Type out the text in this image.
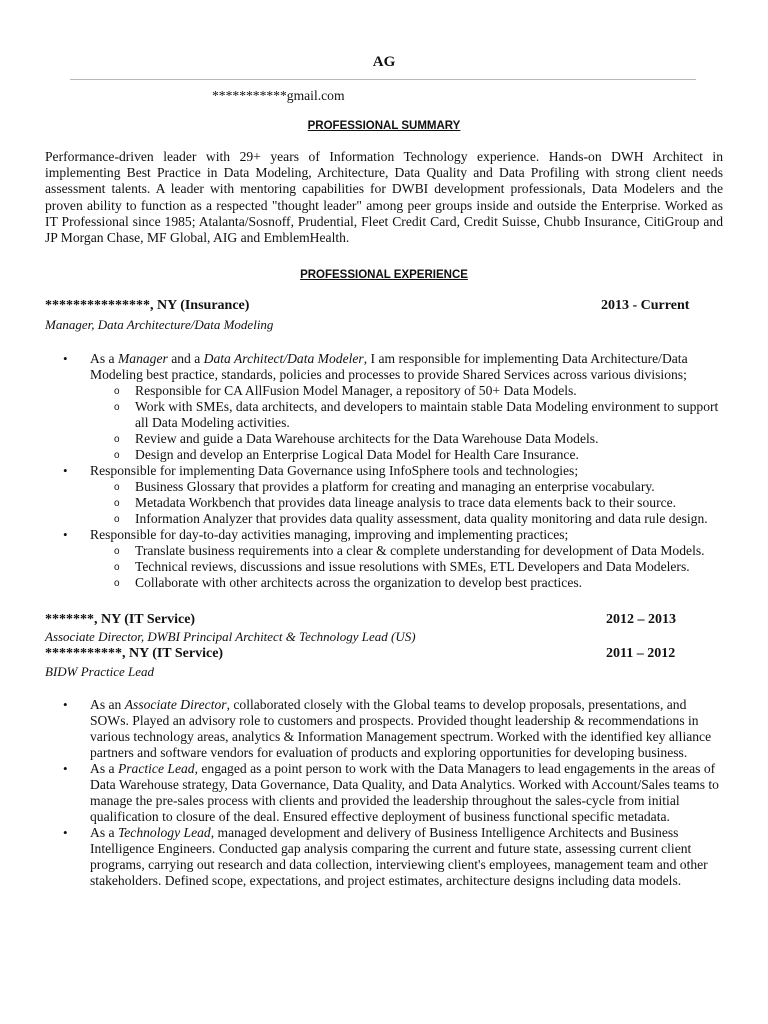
AG
***********gmail.com
PROFESSIONAL SUMMARY

Performance-driven leader with 29+ years of Information Technology experience. Hands-on DWH Architect in implementing Best Practice in Data Modeling, Architecture, Data Quality and Data Profiling with strong client needs assessment talents. A leader with mentoring capabilities for DWBI development professionals, Data Modelers and the proven ability to function as a respected "thought leader" among peer groups inside and outside the Enterprise. Worked as IT Professional since 1985; Atalanta/Sosnoff, Prudential, Fleet Credit Card, Credit Suisse, Chubb Insurance, CitiGroup and JP Morgan Chase, MF Global, AIG and EmblemHealth.

PROFESSIONAL EXPERIENCE
***************, NY (Insurance)	2013 - Current
Manager, Data Architecture/Data Modeling
• As a Manager and a Data Architect/Data Modeler, I am responsible for implementing Data Architecture/Data Modeling best practice, standards, policies and processes to provide Shared Services across various divisions;
o Responsible for CA AllFusion Model Manager, a repository of 50+ Data Models.
o Work with SMEs, data architects, and developers to maintain stable Data Modeling environment to support all Data Modeling activities.
o Review and guide a Data Warehouse architects for the Data Warehouse Data Models.
o Design and develop an Enterprise Logical Data Model for Health Care Insurance.
• Responsible for implementing Data Governance using InfoSphere tools and technologies;
o Business Glossary that provides a platform for creating and managing an enterprise vocabulary.
o Metadata Workbench that provides data lineage analysis to trace data elements back to their source.
o Information Analyzer that provides data quality assessment, data quality monitoring and data rule design.
• Responsible for day-to-day activities managing, improving and implementing practices;
o Translate business requirements into a clear & complete understanding for development of Data Models.
o Technical reviews, discussions and issue resolutions with SMEs, ETL Developers and Data Modelers.
o Collaborate with other architects across the organization to develop best practices.
*******, NY (IT Service)	2012 – 2013
Associate Director, DWBI Principal Architect & Technology Lead (US)
***********, NY (IT Service)	2011 – 2012
BIDW Practice Lead
• As an Associate Director, collaborated closely with the Global teams to develop proposals, presentations, and SOWs. Played an advisory role to customers and prospects. Provided thought leadership & recommendations in various technology areas, analytics & Information Management spectrum. Worked with the identified key alliance partners and software vendors for evaluation of products and exploring opportunities for developing business.
• As a Practice Lead, engaged as a point person to work with the Data Managers to lead engagements in the areas of Data Warehouse strategy, Data Governance, Data Quality, and Data Analytics. Worked with Account/Sales teams to manage the pre-sales process with clients and provided the leadership throughout the sales-cycle from initial qualification to closure of the deal. Ensured effective deployment of business functional specific metadata.
• As a Technology Lead, managed development and delivery of Business Intelligence Architects and Business Intelligence Engineers. Conducted gap analysis comparing the current and future state, assessing current client programs, carrying out research and data collection, interviewing client's employees, management team and other stakeholders. Defined scope, expectations, and project estimates, architecture designs including data models.
